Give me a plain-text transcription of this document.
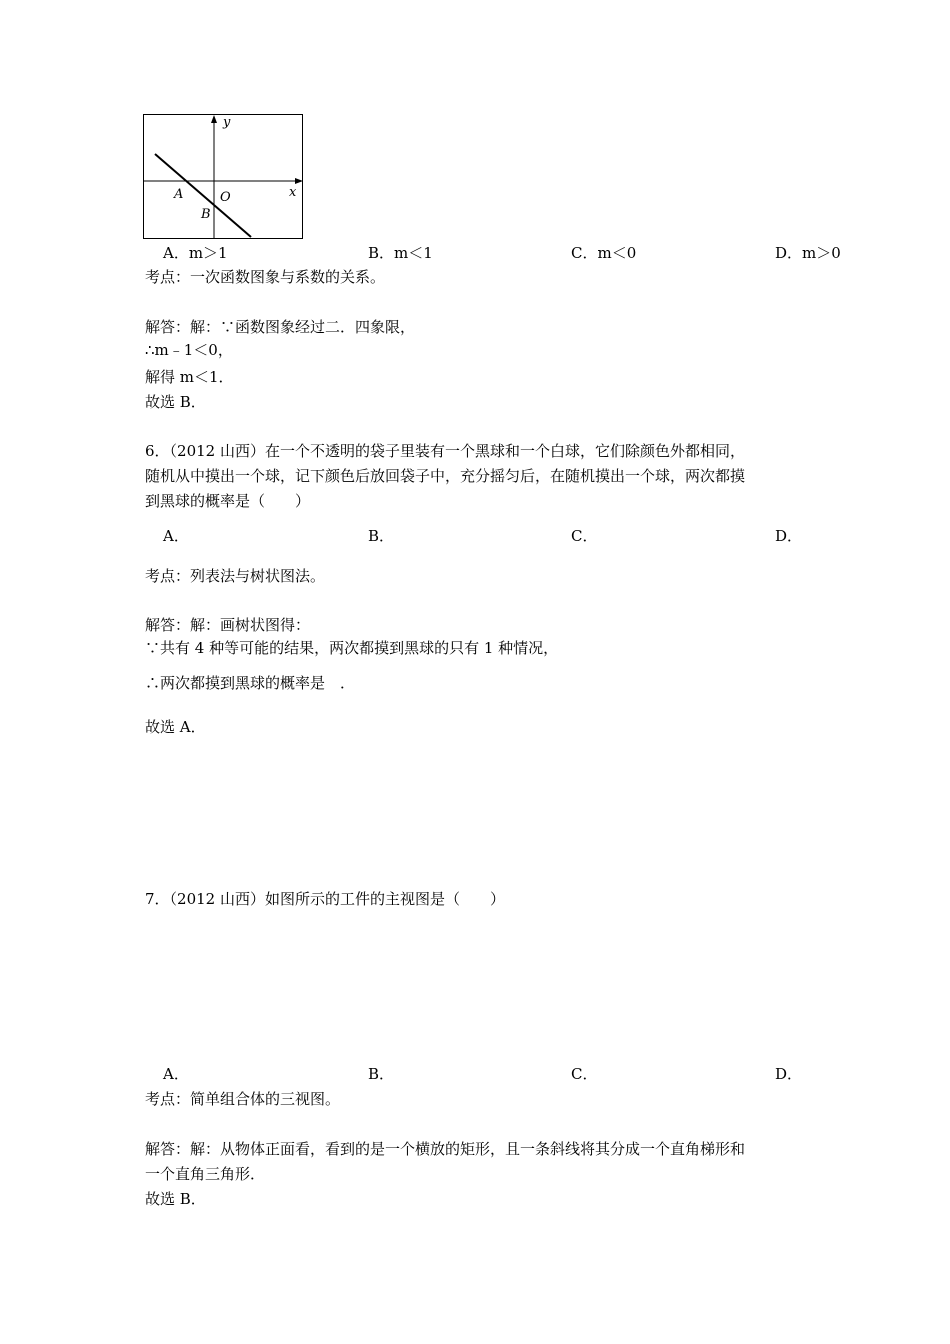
y
x
O
A
B
A．m＞1	B．m＜1	C．m＜0	D．m＞0
考点：一次函数图象与系数的关系。
解答：解：∵函数图象经过二．四象限，
∴m﹣1＜0，
解得 m＜1．
故选 B．
6．（2012 山西）在一个不透明的袋子里装有一个黑球和一个白球，它们除颜色外都相同，
随机从中摸出一个球，记下颜色后放回袋子中，充分摇匀后，在随机摸出一个球，两次都摸
到黑球的概率是（　　）
A．	B．	C．	D．
考点：列表法与树状图法。
解答：解：画树状图得：
∵共有 4 种等可能的结果，两次都摸到黑球的只有 1 种情况，
∴两次都摸到黑球的概率是　．
故选 A．
7．（2012 山西）如图所示的工件的主视图是（　　）
A．	B．	C．	D．
考点：简单组合体的三视图。
解答：解：从物体正面看，看到的是一个横放的矩形，且一条斜线将其分成一个直角梯形和
一个直角三角形．
故选 B．
